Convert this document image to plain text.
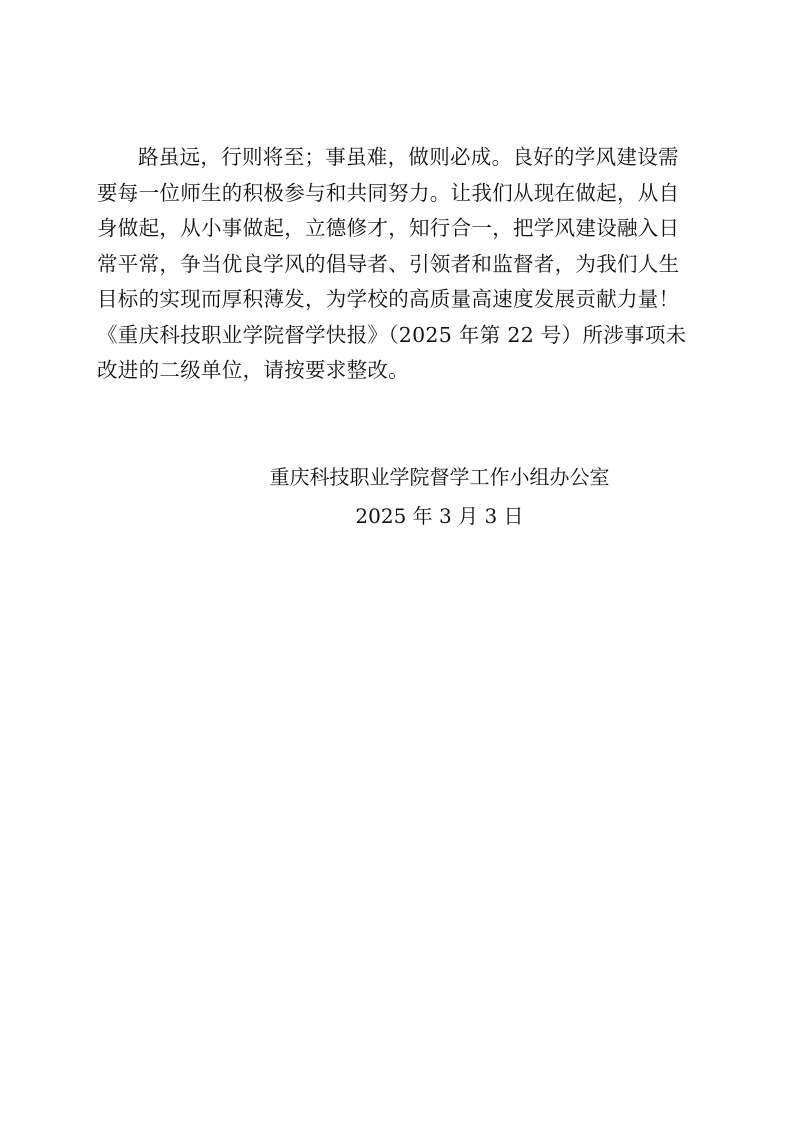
路虽远，行则将至；事虽难，做则必成。良好的学风建设需
要每一位师生的积极参与和共同努力。让我们从现在做起，从自
身做起，从小事做起，立德修才，知行合一，把学风建设融入日
常平常，争当优良学风的倡导者、引领者和监督者，为我们人生
目标的实现而厚积薄发，为学校的高质量高速度发展贡献力量！
《重庆科技职业学院督学快报》（2025 年第 22 号）所涉事项未
改进的二级单位，请按要求整改。
重庆科技职业学院督学工作小组办公室
2025 年 3 月 3 日
